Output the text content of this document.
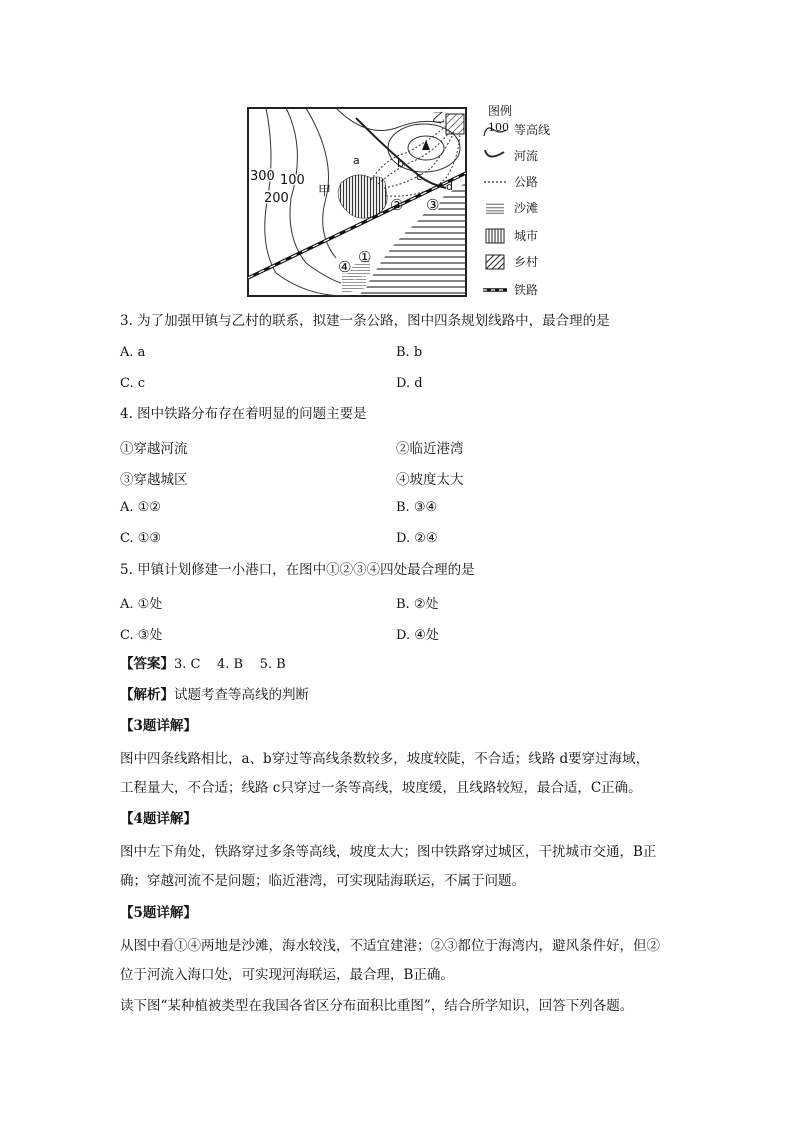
300 100
200 甲
乙
a	b
c
d
② ③
①
④
图例
100 等高线
河流
公路
沙滩
城市
乡村
铁路
3. 为了加强甲镇与乙村的联系，拟建一条公路，图中四条规划线路中，最合理的是
A. a	B. b
C. c	D. d
4. 图中铁路分布存在着明显的问题主要是
①穿越河流	②临近港湾
③穿越城区	④坡度太大
A. ①②	B. ③④
C. ①③	D. ②④
5. 甲镇计划修建一小港口，在图中①②③④四处最合理的是
A. ①处	B. ②处
C. ③处	D. ④处
【答案】3. C    4. B    5. B
【解析】试题考查等高线的判断
【3题详解】
图中四条线路相比，a、b穿过等高线条数较多，坡度较陡，不合适；线路 d要穿过海域，
工程量大，不合适；线路 c只穿过一条等高线，坡度缓，且线路较短，最合适，C正确。
【4题详解】
图中左下角处，铁路穿过多条等高线，坡度太大；图中铁路穿过城区，干扰城市交通，B正
确；穿越河流不是问题；临近港湾，可实现陆海联运，不属于问题。
【5题详解】
从图中看①④两地是沙滩，海水较浅，不适宜建港；②③都位于海湾内，避风条件好，但②
位于河流入海口处，可实现河海联运，最合理，B正确。
读下图“某种植被类型在我国各省区分布面积比重图”，结合所学知识，回答下列各题。
